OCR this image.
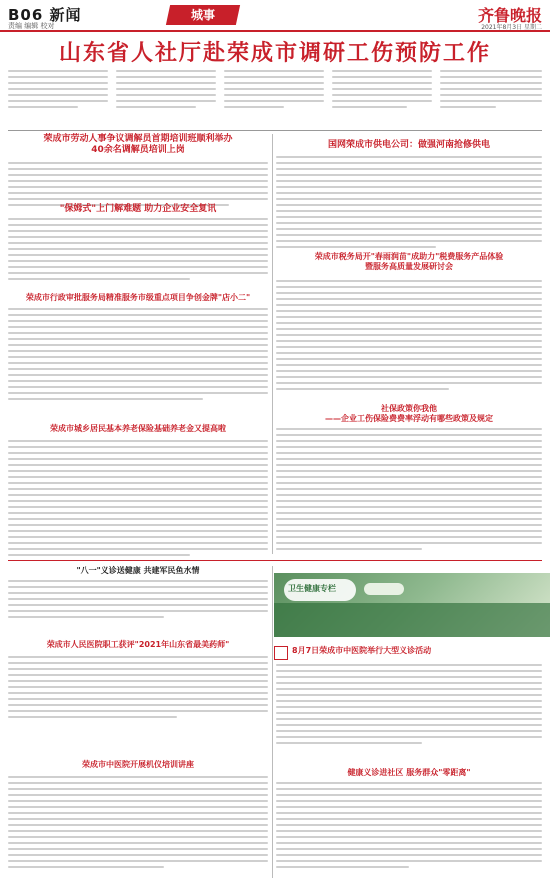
B06 新闻
责编 编辑 校对
城事	齐鲁晚报
2021年8月3日 星期二
山东省人社厅赴荣成市调研工伤预防工作
荣成市劳动人事争议调解员首期培训班顺利举办
40余名调解员培训上岗
国网荣成市供电公司：做强河南抢修供电
"保姆式"上门解难题 助力企业安全复讯
荣成市税务局开"春雨润苗"成助力"税费服务产品体验
暨服务高质量发展研讨会
荣成市行政审批服务局精准服务市级重点项目争创金牌"店小二"
社保政策你我他
——企业工伤保险费费率浮动有哪些政策及规定
荣成市城乡居民基本养老保险基础养老金又提高啦
卫生健康专栏
"八一"义诊送健康 共建军民鱼水情
8月7日荣成市中医院举行大型义诊活动
荣成市人民医院职工获评"2021年山东省最美药师"
健康义诊进社区 服务群众"零距离"
荣成市中医院开展机仪培训讲座
